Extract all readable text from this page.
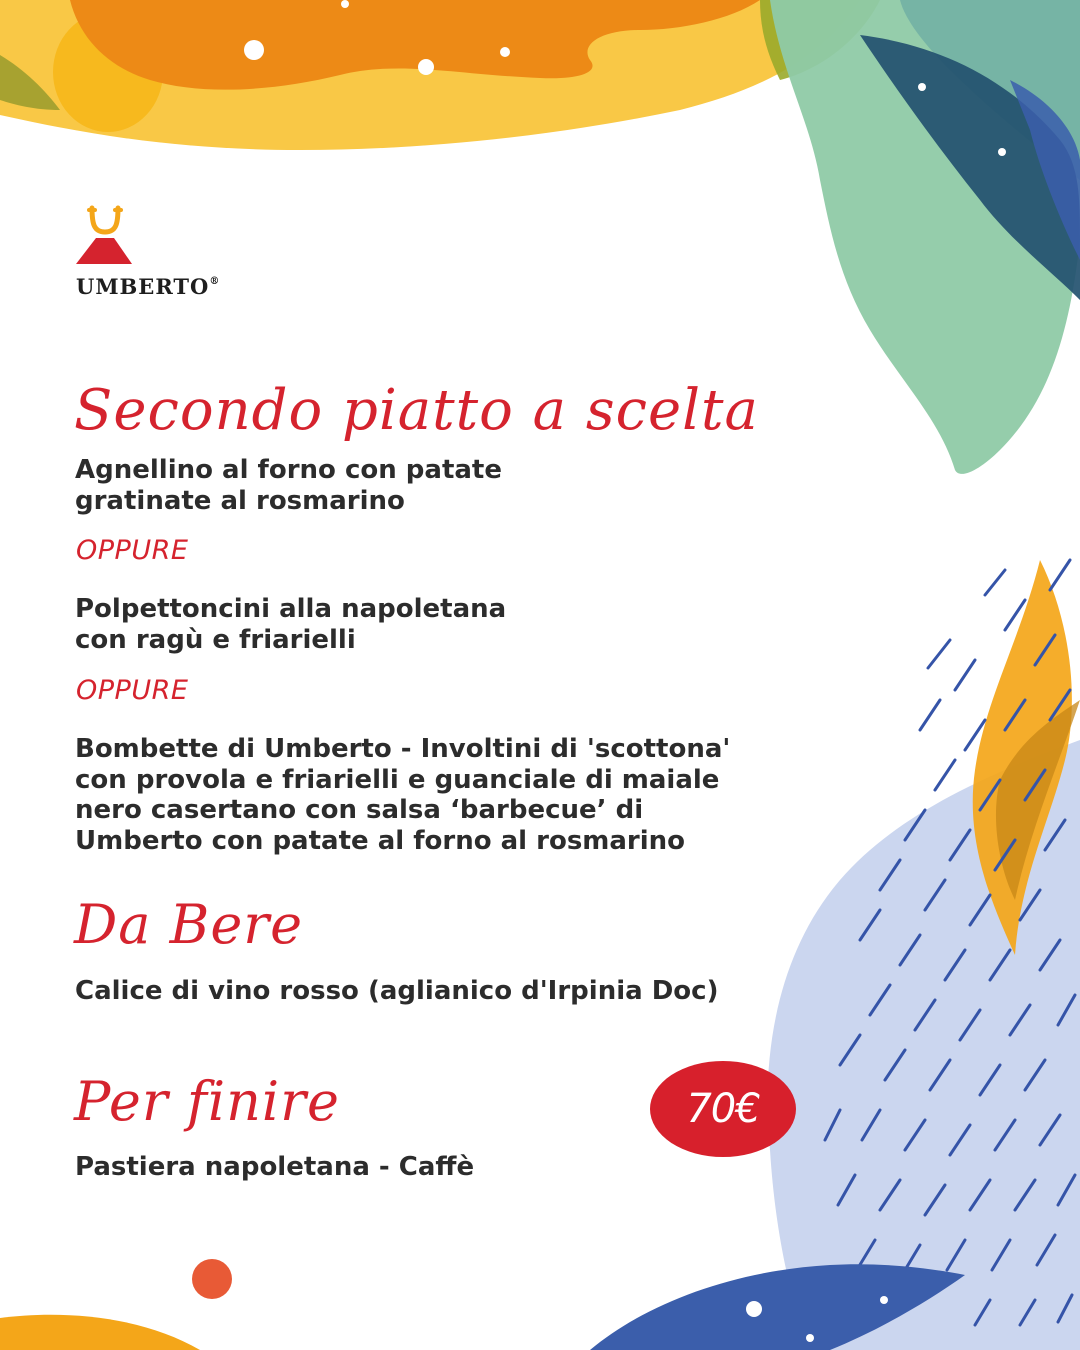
UMBERTO®
Secondo piatto a scelta

Agnellino al forno con patate
gratinate al rosmarino

OPPURE

Polpettoncini alla napoletana
con ragù e friarielli

OPPURE

Bombette di Umberto - Involtini di 'scottona'
con provola e friarielli e guanciale di maiale
nero casertano con salsa ‘barbecue’ di
Umberto con patate al forno al rosmarino

Da Bere

Calice di vino rosso (aglianico d'Irpinia Doc)

Per finire

Pastiera napoletana - Caffè

70€
